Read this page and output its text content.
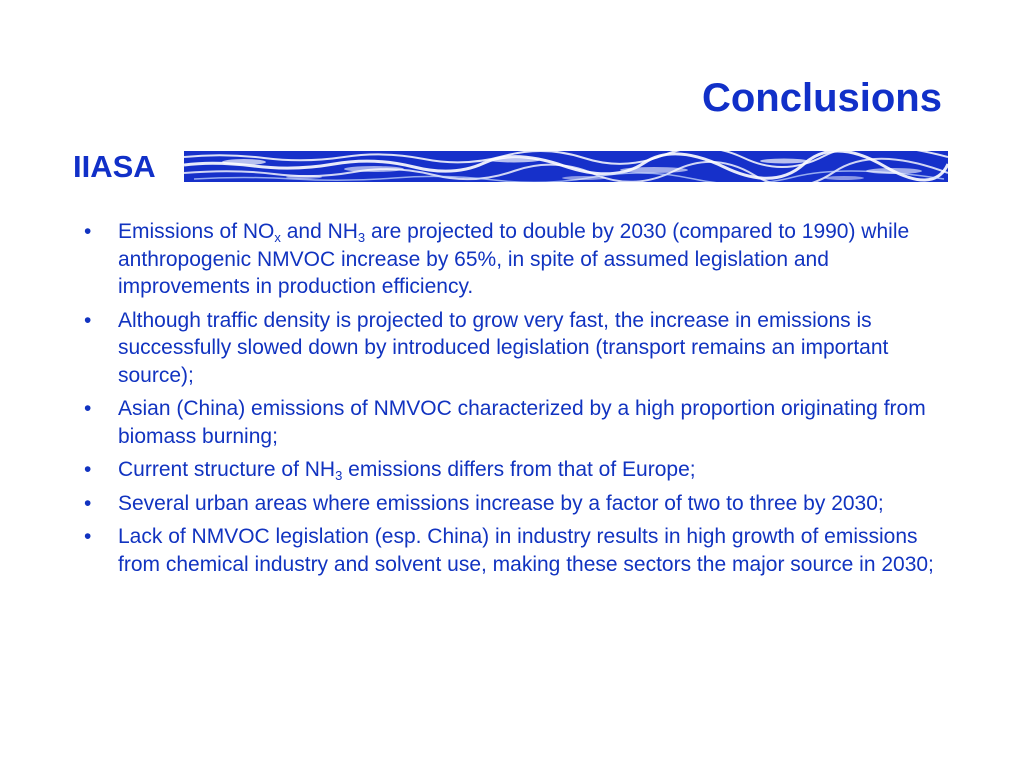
Conclusions
IIASA
• Emissions of $NO_x$ and $NH_3$ are projected to double by 2030 (compared to 1990) while anthropogenic NMVOC increase by 65%, in spite of assumed legislation and improvements in production efficiency.
• Although traffic density is projected to grow very fast, the increase in emissions is successfully slowed down by introduced legislation (transport remains an important source);
• Asian (China) emissions of NMVOC characterized by a high proportion originating from biomass burning;
• Current structure of $NH_3$ emissions differs from that of Europe;
• Several urban areas where emissions increase by a factor of two to three by 2030;
• Lack of NMVOC legislation (esp. China) in industry results in high growth of emissions from chemical industry and solvent use, making these sectors the major source in 2030;
